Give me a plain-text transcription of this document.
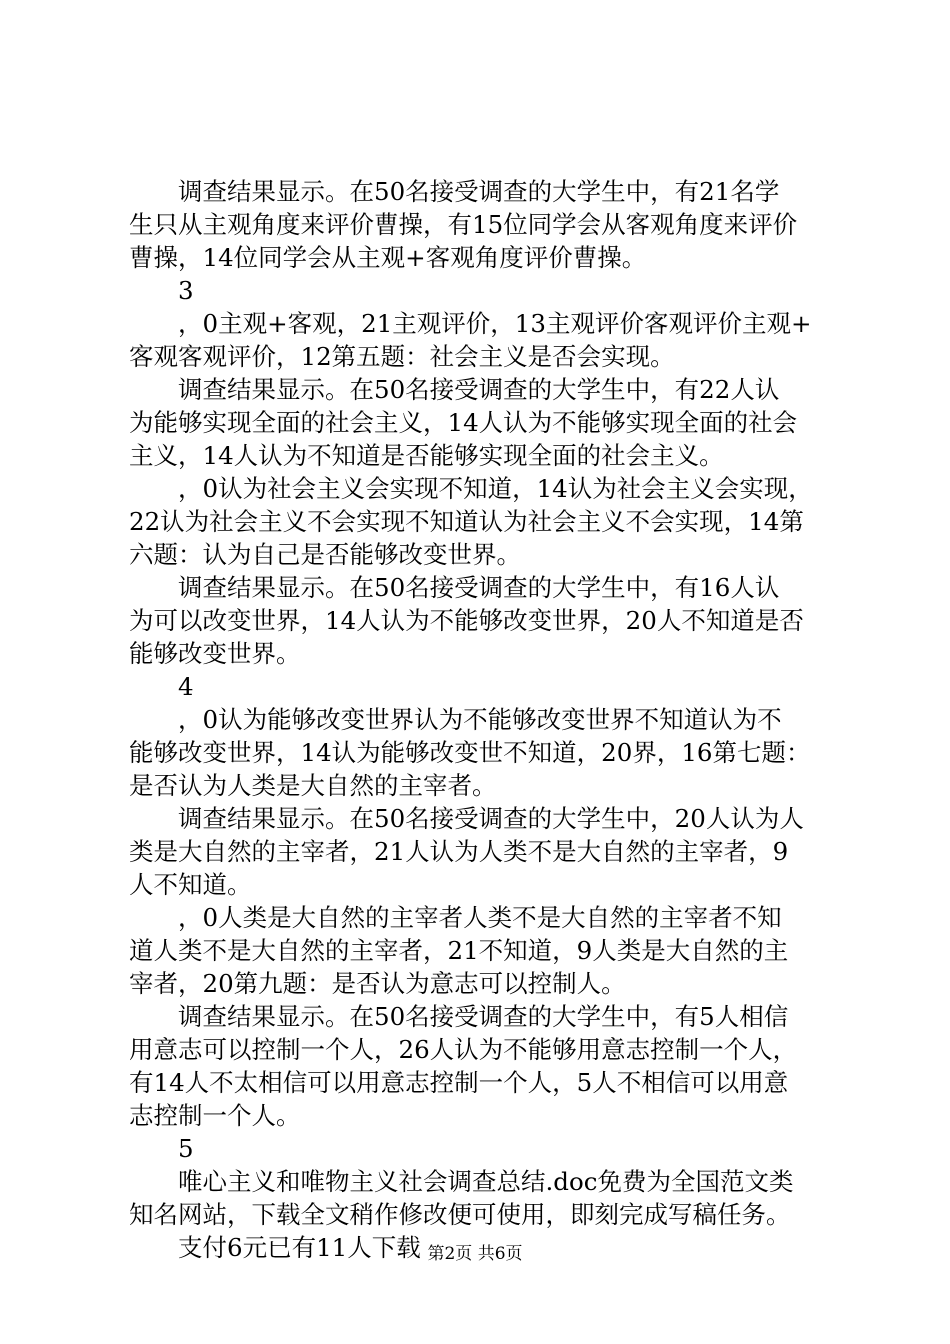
　　调查结果显示。在50名接受调查的大学生中，有21名学
生只从主观角度来评价曹操，有15位同学会从客观角度来评价
曹操，14位同学会从主观+客观角度评价曹操。
　　3
　　，0主观+客观，21主观评价，13主观评价客观评价主观+
客观客观评价，12第五题：社会主义是否会实现。
　　调查结果显示。在50名接受调查的大学生中，有22人认
为能够实现全面的社会主义，14人认为不能够实现全面的社会
主义，14人认为不知道是否能够实现全面的社会主义。
　　，0认为社会主义会实现不知道，14认为社会主义会实现，
22认为社会主义不会实现不知道认为社会主义不会实现，14第
六题：认为自己是否能够改变世界。
　　调查结果显示。在50名接受调查的大学生中，有16人认
为可以改变世界，14人认为不能够改变世界，20人不知道是否
能够改变世界。
　　4
　　，0认为能够改变世界认为不能够改变世界不知道认为不
能够改变世界，14认为能够改变世不知道，20界，16第七题：
是否认为人类是大自然的主宰者。
　　调查结果显示。在50名接受调查的大学生中，20人认为人
类是大自然的主宰者，21人认为人类不是大自然的主宰者，9
人不知道。
　　，0人类是大自然的主宰者人类不是大自然的主宰者不知
道人类不是大自然的主宰者，21不知道，9人类是大自然的主
宰者，20第九题：是否认为意志可以控制人。
　　调查结果显示。在50名接受调查的大学生中，有5人相信
用意志可以控制一个人，26人认为不能够用意志控制一个人，
有14人不太相信可以用意志控制一个人，5人不相信可以用意
志控制一个人。
　　5
　　唯心主义和唯物主义社会调查总结.doc免费为全国范文类
知名网站，下载全文稍作修改便可使用，即刻完成写稿任务。
　　支付6元已有11人下载 第2页 共6页
